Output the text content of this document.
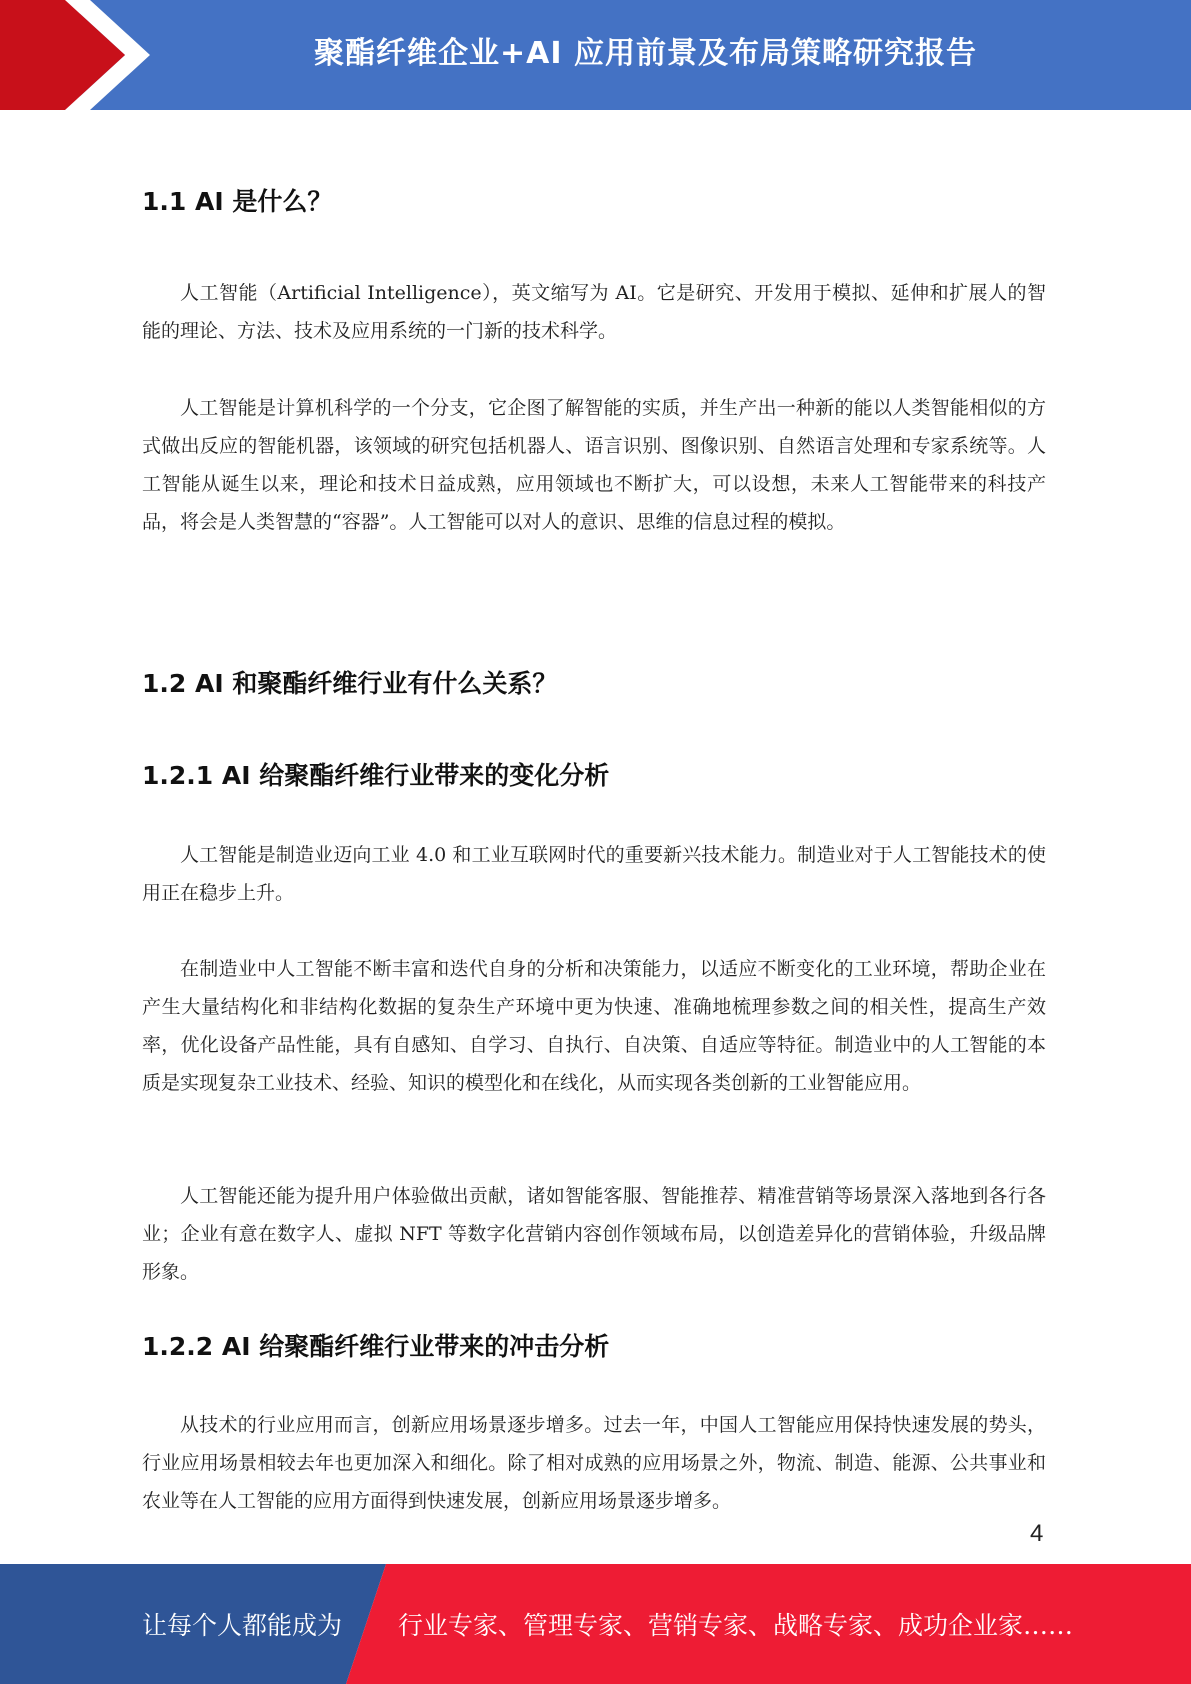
聚酯纤维企业+AI 应用前景及布局策略研究报告
1.1 AI 是什么？

人工智能（Artificial Intelligence），英文缩写为 AI。它是研究、开发用于模拟、延伸和扩展人的智能的理论、方法、技术及应用系统的一门新的技术科学。

人工智能是计算机科学的一个分支，它企图了解智能的实质，并生产出一种新的能以人类智能相似的方式做出反应的智能机器，该领域的研究包括机器人、语言识别、图像识别、自然语言处理和专家系统等。人工智能从诞生以来，理论和技术日益成熟，应用领域也不断扩大，可以设想，未来人工智能带来的科技产品，将会是人类智慧的“容器”。人工智能可以对人的意识、思维的信息过程的模拟。

1.2 AI 和聚酯纤维行业有什么关系？
1.2.1 AI 给聚酯纤维行业带来的变化分析

人工智能是制造业迈向工业 4.0 和工业互联网时代的重要新兴技术能力。制造业对于人工智能技术的使用正在稳步上升。

在制造业中人工智能不断丰富和迭代自身的分析和决策能力，以适应不断变化的工业环境，帮助企业在产生大量结构化和非结构化数据的复杂生产环境中更为快速、准确地梳理参数之间的相关性，提高生产效率，优化设备产品性能，具有自感知、自学习、自执行、自决策、自适应等特征。制造业中的人工智能的本质是实现复杂工业技术、经验、知识的模型化和在线化，从而实现各类创新的工业智能应用。

人工智能还能为提升用户体验做出贡献，诸如智能客服、智能推荐、精准营销等场景深入落地到各行各业；企业有意在数字人、虚拟 NFT 等数字化营销内容创作领域布局，以创造差异化的营销体验，升级品牌形象。

1.2.2 AI 给聚酯纤维行业带来的冲击分析

从技术的行业应用而言，创新应用场景逐步增多。过去一年，中国人工智能应用保持快速发展的势头，行业应用场景相较去年也更加深入和细化。除了相对成熟的应用场景之外，物流、制造、能源、公共事业和农业等在人工智能的应用方面得到快速发展，创新应用场景逐步增多。

4
让每个人都能成为 行业专家、管理专家、营销专家、战略专家、成功企业家……
